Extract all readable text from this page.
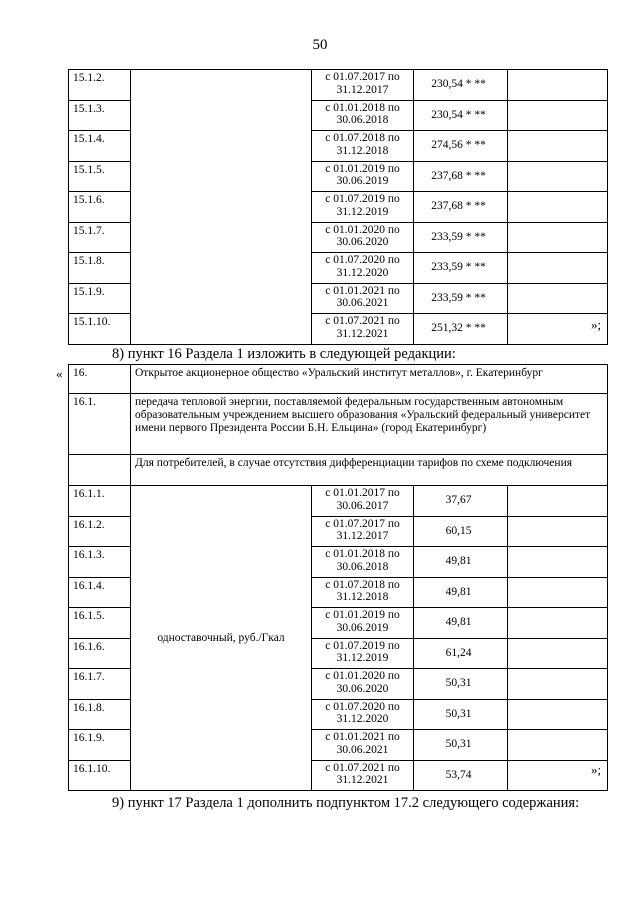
50
15.1.2.		с 01.07.2017 по 31.12.2017	230,54 * **	
15.1.3.		с 01.01.2018 по 30.06.2018	230,54 * **	
15.1.4.		с 01.07.2018 по 31.12.2018	274,56 * **	
15.1.5.		с 01.01.2019 по 30.06.2019	237,68 * **	
15.1.6.		с 01.07.2019 по 31.12.2019	237,68 * **	
15.1.7.		с 01.01.2020 по 30.06.2020	233,59 * **	
15.1.8.		с 01.07.2020 по 31.12.2020	233,59 * **	
15.1.9.		с 01.01.2021 по 30.06.2021	233,59 * **	
15.1.10.		с 01.07.2021 по 31.12.2021	251,32 * **		»;
8) пункт 16 Раздела 1 изложить в следующей редакции:
« 16.	Открытое акционерное общество «Уральский институт металлов», г. Екатеринбург			
16.1.	передача тепловой энергии, поставляемой федеральным государственным автономным образовательным учреждением высшего образования «Уральский федеральный университет имени первого Президента России Б.Н. Ельцина» (город Екатеринбург)			
	Для потребителей, в случае отсутствия дифференциации тарифов по схеме подключения			
16.1.1.	одноставочный, руб./Гкал	с 01.01.2017 по 30.06.2017	37,67	
16.1.2.		с 01.07.2017 по 31.12.2017	60,15	
16.1.3.		с 01.01.2018 по 30.06.2018	49,81	
16.1.4.		с 01.07.2018 по 31.12.2018	49,81	
16.1.5.		с 01.01.2019 по 30.06.2019	49,81	
16.1.6.		с 01.07.2019 по 31.12.2019	61,24	
16.1.7.		с 01.01.2020 по 30.06.2020	50,31	
16.1.8.		с 01.07.2020 по 31.12.2020	50,31	
16.1.9.		с 01.01.2021 по 30.06.2021	50,31	
16.1.10.		с 01.07.2021 по 31.12.2021	53,74		»;
9) пункт 17 Раздела 1 дополнить подпунктом 17.2 следующего содержания:
